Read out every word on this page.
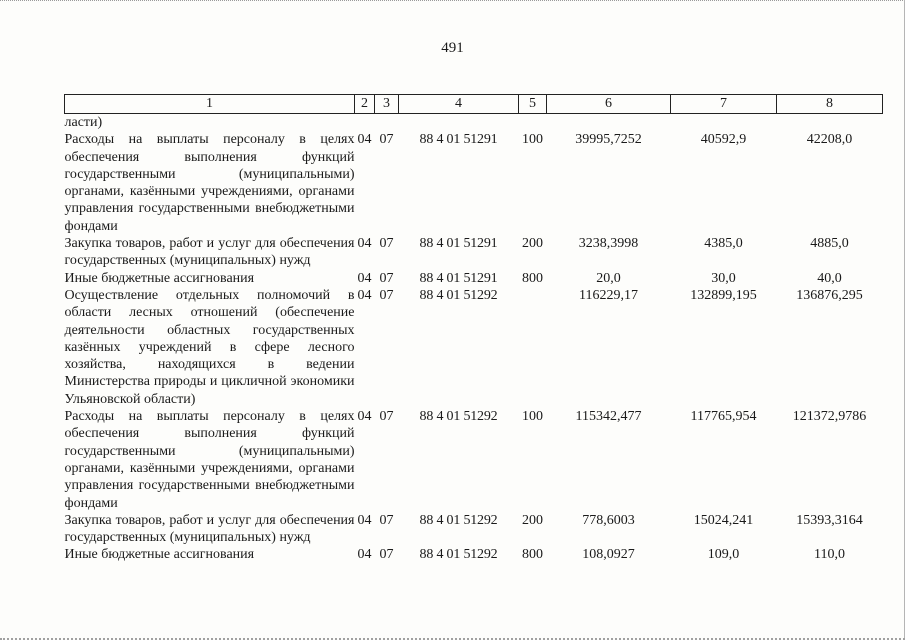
491
1	2	3	4	5	6	7	8
ласти)							
Расходы на выплаты персоналу в целях обеспечения выполнения функций государственными (муниципальными) органами, казёнными учреждениями, органами управления государственными внебюджетными фондами	04	07	88 4 01 51291	100	39995,7252	40592,9	42208,0
Закупка товаров, работ и услуг для обеспечения государственных (муниципальных) нужд	04	07	88 4 01 51291	200	3238,3998	4385,0	4885,0
Иные бюджетные ассигнования	04	07	88 4 01 51291	800	20,0	30,0	40,0
Осуществление отдельных полномочий в области лесных отношений (обеспечение деятельности областных государственных казённых учреждений в сфере лесного хозяйства, находящихся в ведении Министерства природы и цикличной экономики Ульяновской области)	04	07	88 4 01 51292		116229,17	132899,195	136876,295
Расходы на выплаты персоналу в целях обеспечения выполнения функций государственными (муниципальными) органами, казёнными учреждениями, органами управления государственными внебюджетными фондами	04	07	88 4 01 51292	100	115342,477	117765,954	121372,9786
Закупка товаров, работ и услуг для обеспечения государственных (муниципальных) нужд	04	07	88 4 01 51292	200	778,6003	15024,241	15393,3164
Иные бюджетные ассигнования	04	07	88 4 01 51292	800	108,0927	109,0	110,0
